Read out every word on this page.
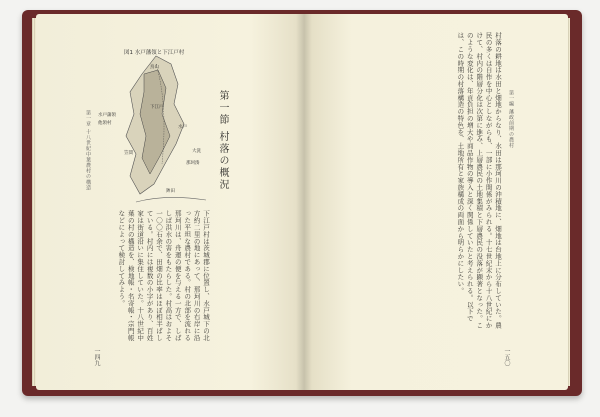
第一章 十八世紀中葉農村の構造
図1 水戸藩領と下江戸村
水戸藩領
他領村
鳥山
水戸
大洗
那珂湊
下江戸
笠間
鉾田
第一節 村落の概況
下江戸村は茨城郡に位置し、水戸城下の北方約二里の地にあって、那珂川の右岸に沿った平坦な農村である。村の北部を流れる那珂川は、舟運の便を与える一方で、しばしば洪水の害をもたらした。村高はおよそ一〇〇石余で、田畑の比率はほぼ相半ばしている。村内には複数の小字があり、百姓家は街道沿いに集住していた。十八世紀中葉の村の構造を、検地帳・名寄帳・宗門帳などによって検討してみよう。
一四九
村落の耕地は水田と畑地からなり、水田は那珂川の沖積地に、畑地は台地上に分布していた。農民の多くは自作を中心としながらも、一部に小作関係がみられる。十七世紀末から十八世紀にかけて、村内の階層分化は次第に進み、上層農民の土地集積と下層農民の没落が顕著となった。このような変化は、年貢負担の増大や商品作物の導入と深く関係していたと考えられる。以下では、この時期の村落構造の特色を、土地所有と家族構成の両面から明らかにしたい。	第一編 藩政前期の農村
一五〇
